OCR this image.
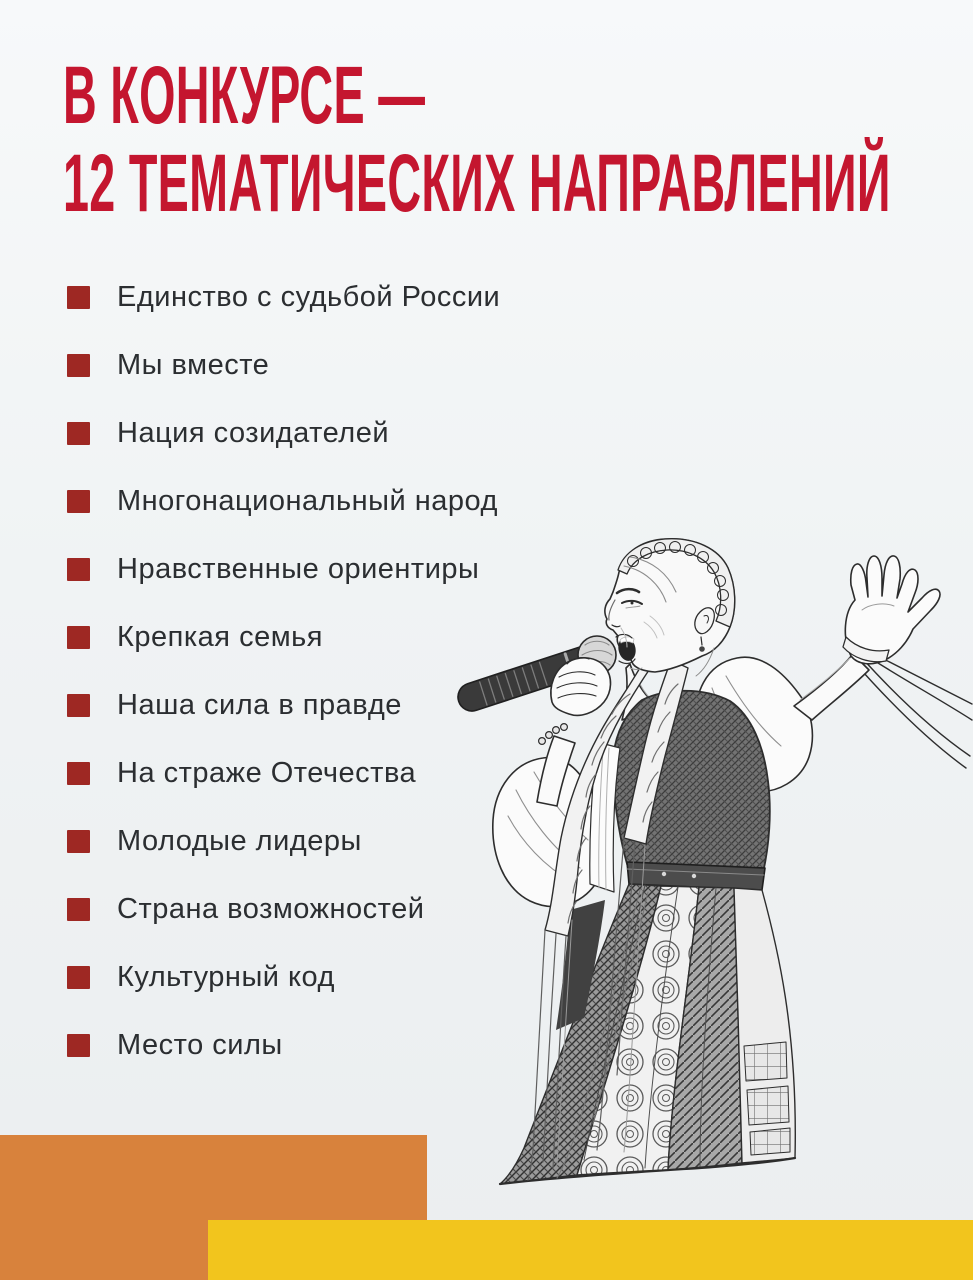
В КОНКУРСЕ —
12 ТЕМАТИЧЕСКИХ НАПРАВЛЕНИЙ
Единство с судьбой России
Мы вместе
Нация созидателей
Многонациональный народ
Нравственные ориентиры
Крепкая семья
Наша сила в правде
На страже Отечества
Молодые лидеры
Страна возможностей
Культурный код
Место силы
